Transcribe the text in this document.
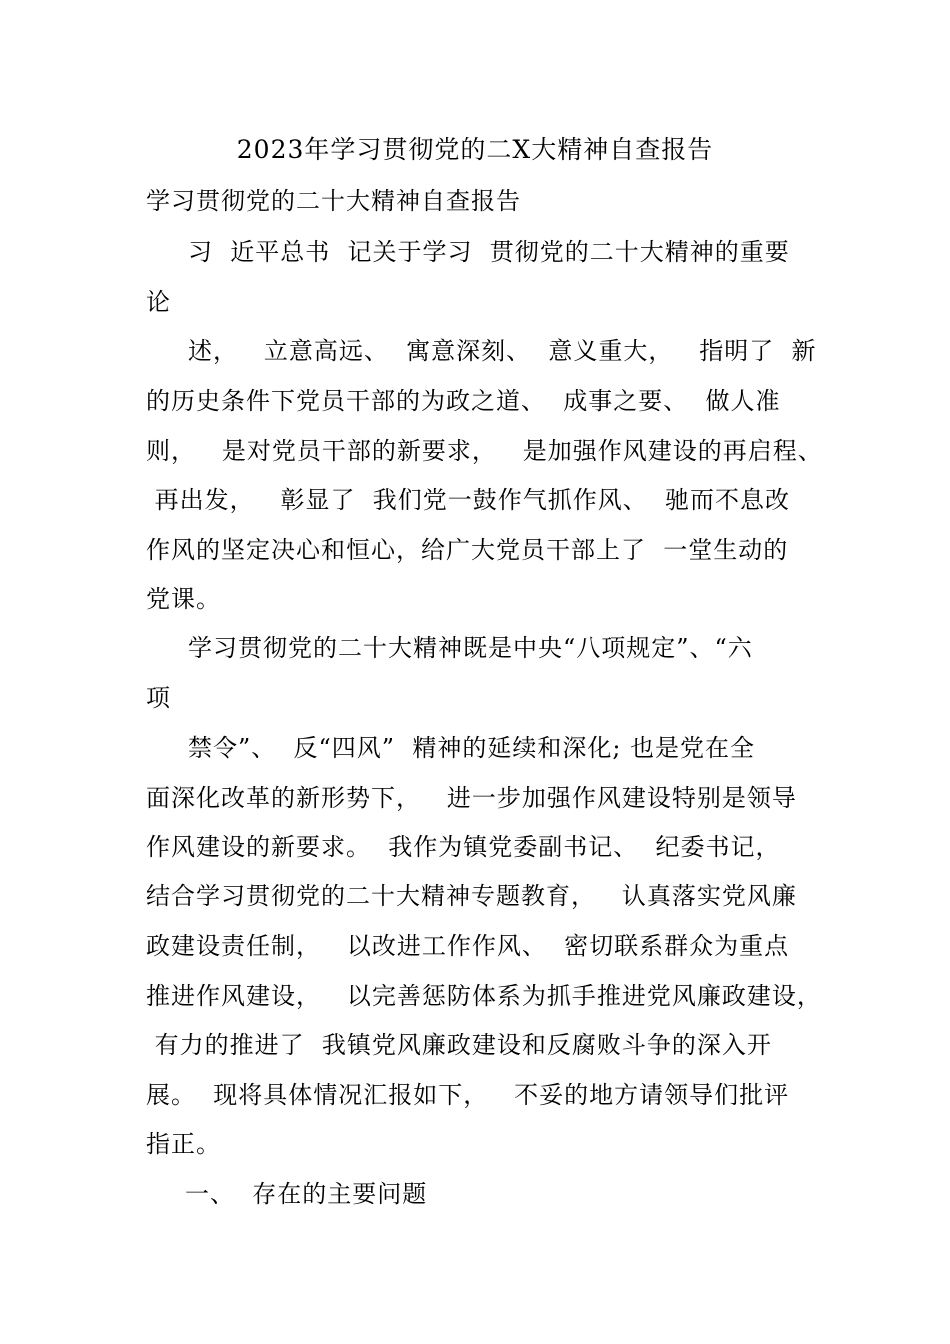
2023年学习贯彻党的二X大精神自查报告
学习贯彻党的二十大精神自查报告
习  近平总书  记关于学习  贯彻党的二十大精神的重要
论
述，   立意高远、  寓意深刻、  意义重大，   指明了  新
的历史条件下党员干部的为政之道、  成事之要、  做人准
则，   是对党员干部的新要求，   是加强作风建设的再启程、
再出发，   彰显了  我们党一鼓作气抓作风、  驰而不息改
作风的坚定决心和恒心，给广大党员干部上了  一堂生动的
党课。
学习贯彻党的二十大精神既是中央“八项规定”、“六
项
禁令”、  反“四风”  精神的延续和深化; 也是党在全
面深化改革的新形势下，   进一步加强作风建设特别是领导
作风建设的新要求。  我作为镇党委副书记、  纪委书记，
结合学习贯彻党的二十大精神专题教育，   认真落实党风廉
政建设责任制，   以改进工作作风、  密切联系群众为重点
推进作风建设，   以完善惩防体系为抓手推进党风廉政建设，
有力的推进了  我镇党风廉政建设和反腐败斗争的深入开
展。  现将具体情况汇报如下，   不妥的地方请领导们批评
指正。
一、  存在的主要问题
